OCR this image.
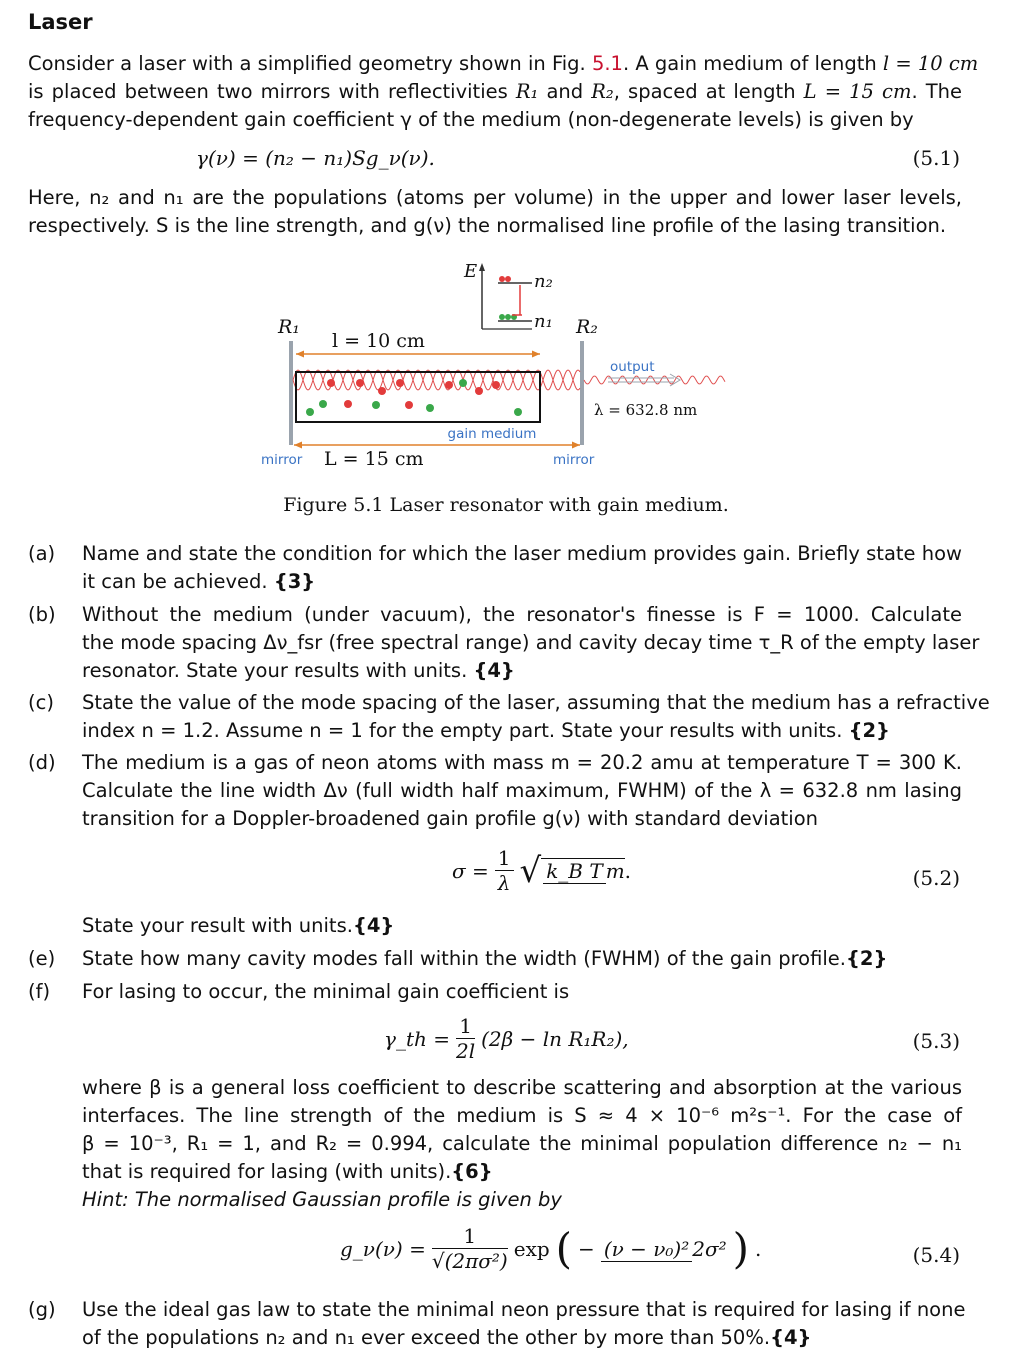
Laser
Consider a laser with a simplified geometry shown in Fig. 5.1. A gain medium of length l = 10 cm
is placed between two mirrors with reflectivities R₁ and R₂, spaced at length L = 15 cm. The
frequency-dependent gain coefficient γ of the medium (non-degenerate levels) is given by
γ(ν) = (n₂ − n₁)Sg_ν(ν).	(5.1)
Here, n₂ and n₁ are the populations (atoms per volume) in the upper and lower laser levels,
respectively. S is the line strength, and g(ν) the normalised line profile of the lasing transition.
E	n₂
n₁
R₁	R₂
l = 10 cm
gain medium
mirror L = 15 cm	mirror
output
λ = 632.8 nm
Figure 5.1 Laser resonator with gain medium.
(a) Name and state the condition for which the laser medium provides gain. Briefly state how
it can be achieved. {3}
(b) Without the medium (under vacuum), the resonator's finesse is F = 1000. Calculate
the mode spacing Δν_fsr (free spectral range) and cavity decay time τ_R of the empty laser
resonator. State your results with units. {4}
(c) State the value of the mode spacing of the laser, assuming that the medium has a refractive
index n = 1.2. Assume n = 1 for the empty part. State your results with units. {2}
(d) The medium is a gas of neon atoms with mass m = 20.2 amu at temperature T = 300 K.
Calculate the line width Δν (full width half maximum, FWHM) of the λ = 632.8 nm lasing
transition for a Doppler-broadened gain profile g(ν) with standard deviation
$\sigma = \frac{1}{\lambda}$ √ k_B T m .	(5.2)
State your result with units.{4}
(e) State how many cavity modes fall within the width (FWHM) of the gain profile.{2}
(f) For lasing to occur, the minimal gain coefficient is
γ_th = $\frac{1}{2l} (2\beta - \ln R_1R_2)$,	(5.3)
where β is a general loss coefficient to describe scattering and absorption at the various
interfaces. The line strength of the medium is S ≈ 4 × 10⁻⁶ m²s⁻¹. For the case of
β = 10⁻³, R₁ = 1, and R₂ = 0.994, calculate the minimal population difference n₂ − n₁
that is required for lasing (with units).{6}
Hint: The normalised Gaussian profile is given by
g_ν(ν) = $\frac{1}{\text{√(2πσ²)}}$ exp ( − (ν − ν₀)² 2σ² ) .	(5.4)
(g) Use the ideal gas law to state the minimal neon pressure that is required for lasing if none
of the populations n₂ and n₁ ever exceed the other by more than 50%.{4}
